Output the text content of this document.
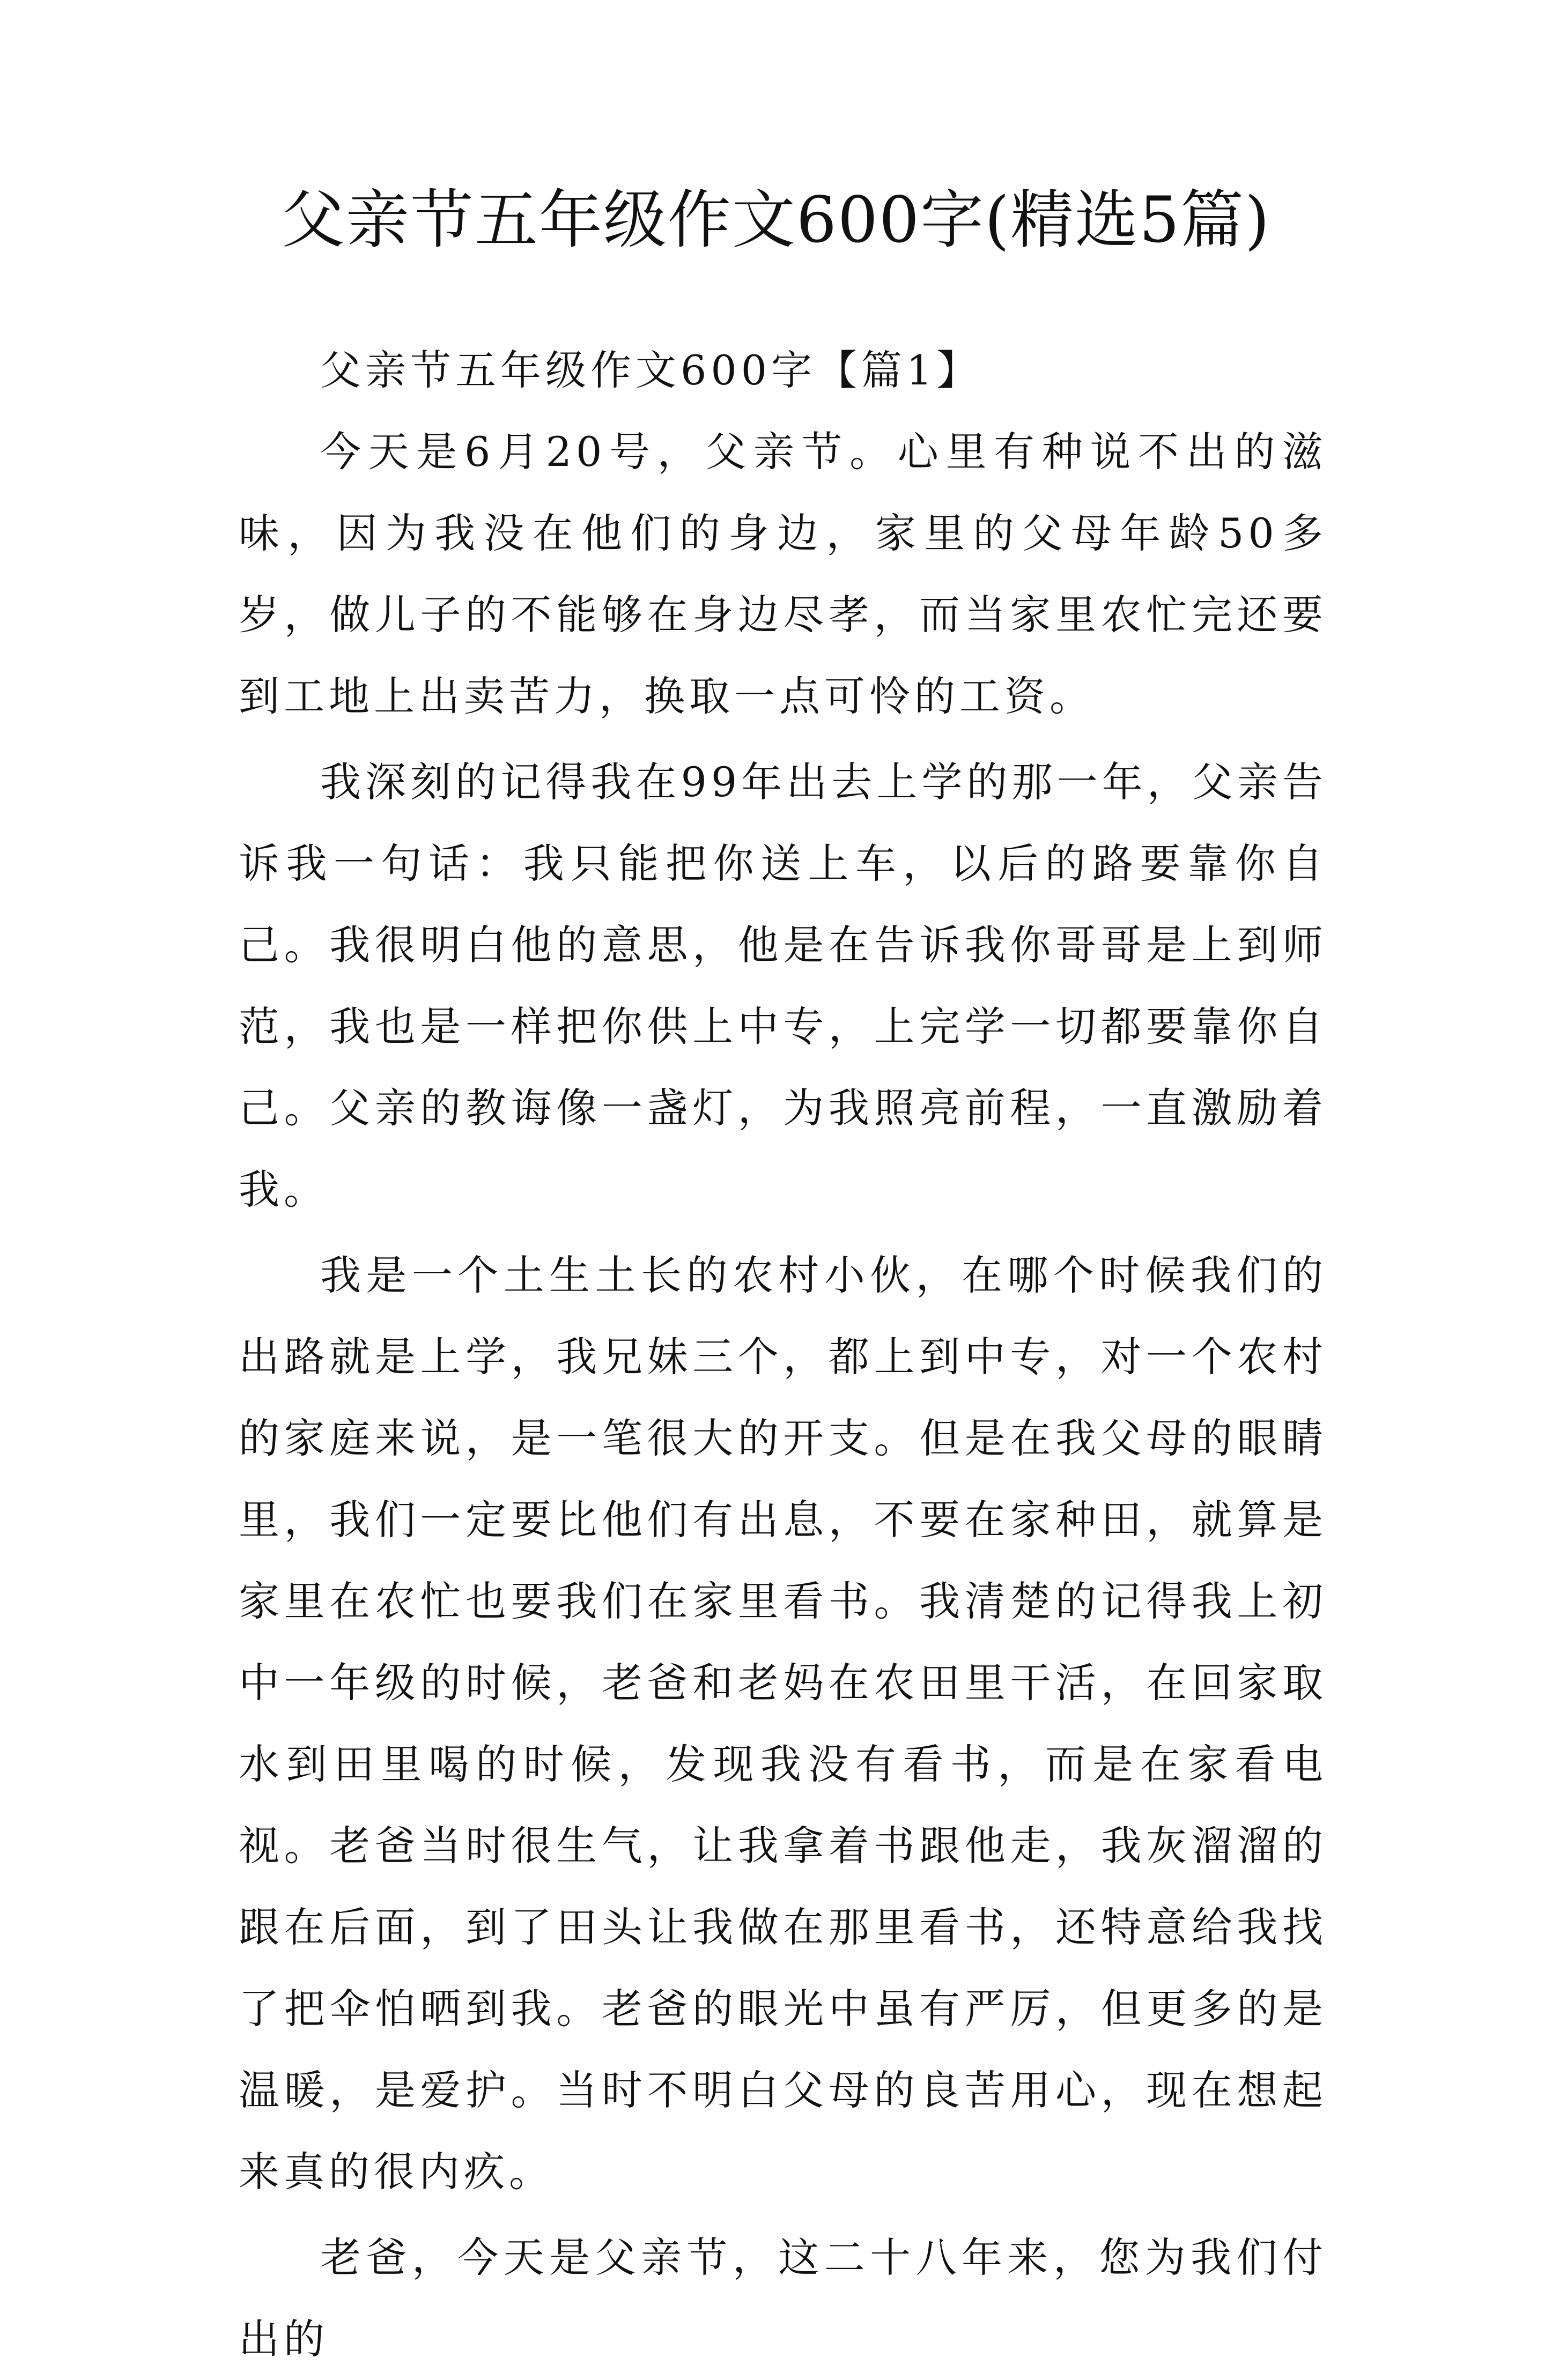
父亲节五年级作文600字(精选5篇)
父亲节五年级作文600字【篇1】

今天是6月20号，父亲节。心里有种说不出的滋味，因为我没在他们的身边，家里的父母年龄50多岁，做儿子的不能够在身边尽孝，而当家里农忙完还要到工地上出卖苦力，换取一点可怜的工资。

我深刻的记得我在99年出去上学的那一年，父亲告诉我一句话：我只能把你送上车，以后的路要靠你自己。我很明白他的意思，他是在告诉我你哥哥是上到师范，我也是一样把你供上中专，上完学一切都要靠你自己。父亲的教诲像一盏灯，为我照亮前程，一直激励着我。

我是一个土生土长的农村小伙，在哪个时候我们的出路就是上学，我兄妹三个，都上到中专，对一个农村的家庭来说，是一笔很大的开支。但是在我父母的眼睛里，我们一定要比他们有出息，不要在家种田，就算是家里在农忙也要我们在家里看书。我清楚的记得我上初中一年级的时候，老爸和老妈在农田里干活，在回家取水到田里喝的时候，发现我没有看书，而是在家看电视。老爸当时很生气，让我拿着书跟他走，我灰溜溜的跟在后面，到了田头让我做在那里看书，还特意给我找了把伞怕晒到我。老爸的眼光中虽有严厉，但更多的是温暖，是爱护。当时不明白父母的良苦用心，现在想起来真的很内疚。

老爸，今天是父亲节，这二十八年来，您为我们付出的
